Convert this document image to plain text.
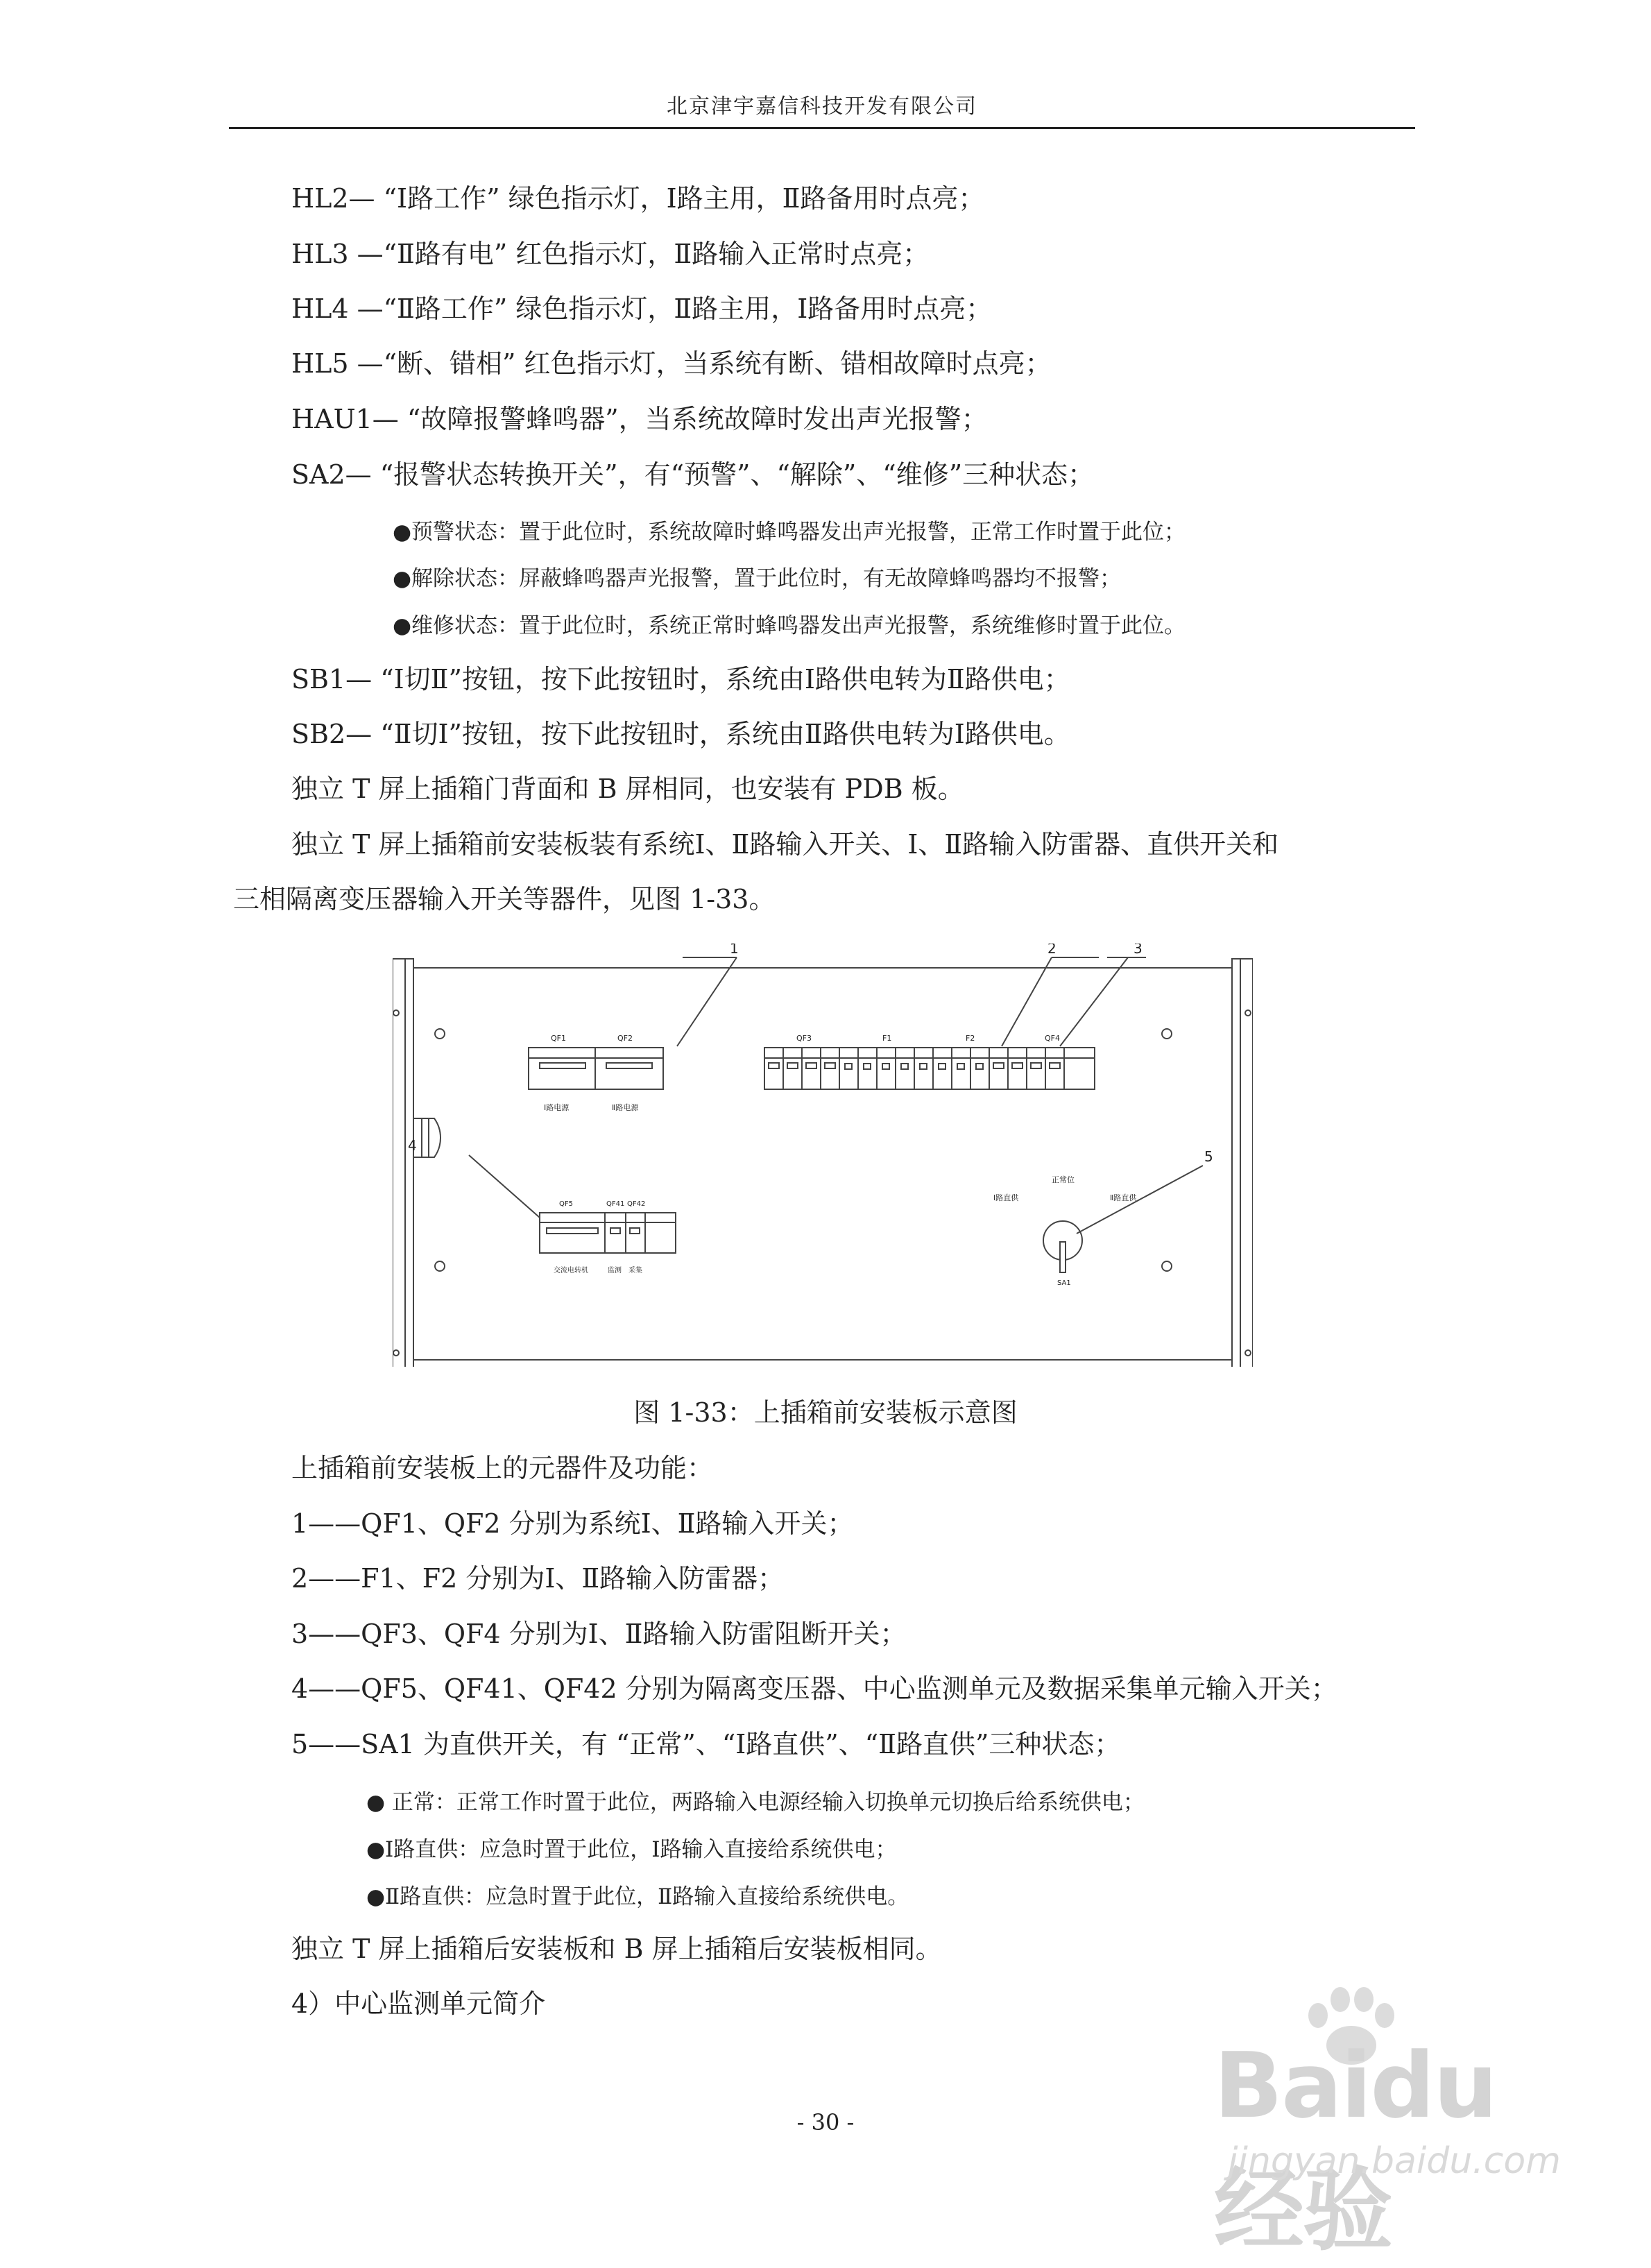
北京津宇嘉信科技开发有限公司
HL2— “Ⅰ路工作” 绿色指示灯，Ⅰ路主用，Ⅱ路备用时点亮；
HL3 —“Ⅱ路有电” 红色指示灯，Ⅱ路输入正常时点亮；
HL4 —“Ⅱ路工作” 绿色指示灯，Ⅱ路主用，Ⅰ路备用时点亮；
HL5 —“断、错相” 红色指示灯，当系统有断、错相故障时点亮；
HAU1— “故障报警蜂鸣器”，当系统故障时发出声光报警；
SA2— “报警状态转换开关”，有“预警”、“解除”、“维修”三种状态；
●预警状态：置于此位时，系统故障时蜂鸣器发出声光报警，正常工作时置于此位；
●解除状态：屏蔽蜂鸣器声光报警，置于此位时，有无故障蜂鸣器均不报警；
●维修状态：置于此位时，系统正常时蜂鸣器发出声光报警，系统维修时置于此位。
SB1— “Ⅰ切Ⅱ”按钮，按下此按钮时，系统由Ⅰ路供电转为Ⅱ路供电；
SB2— “Ⅱ切Ⅰ”按钮，按下此按钮时，系统由Ⅱ路供电转为Ⅰ路供电。
独立 T 屏上插箱门背面和 B 屏相同，也安装有 PDB 板。
独立 T 屏上插箱前安装板装有系统Ⅰ、Ⅱ路输入开关、Ⅰ、Ⅱ路输入防雷器、直供开关和
三相隔离变压器输入开关等器件，见图 1-33。
1	2	3
4
5
QF1	QF2	QF3	F1	F2	QF4
Ⅰ路电源	Ⅱ路电源
QF5	QF41 QF42
交流电转机	监测 采集
正常位
Ⅰ路直供	Ⅱ路直供
SA1
图 1-33：上插箱前安装板示意图
上插箱前安装板上的元器件及功能：
1——QF1、QF2 分别为系统Ⅰ、Ⅱ路输入开关；
2——F1、F2 分别为Ⅰ、Ⅱ路输入防雷器；
3——QF3、QF4 分别为Ⅰ、Ⅱ路输入防雷阻断开关；
4——QF5、QF41、QF42 分别为隔离变压器、中心监测单元及数据采集单元输入开关；
5——SA1 为直供开关，有 “正常”、“Ⅰ路直供”、“Ⅱ路直供”三种状态；
● 正常：正常工作时置于此位，两路输入电源经输入切换单元切换后给系统供电；
●Ⅰ路直供：应急时置于此位，Ⅰ路输入直接给系统供电；
●Ⅱ路直供：应急时置于此位，Ⅱ路输入直接给系统供电。
独立 T 屏上插箱后安装板和 B 屏上插箱后安装板相同。
4）中心监测单元简介
- 30 -	Baidu经验
jingyan.baidu.com
